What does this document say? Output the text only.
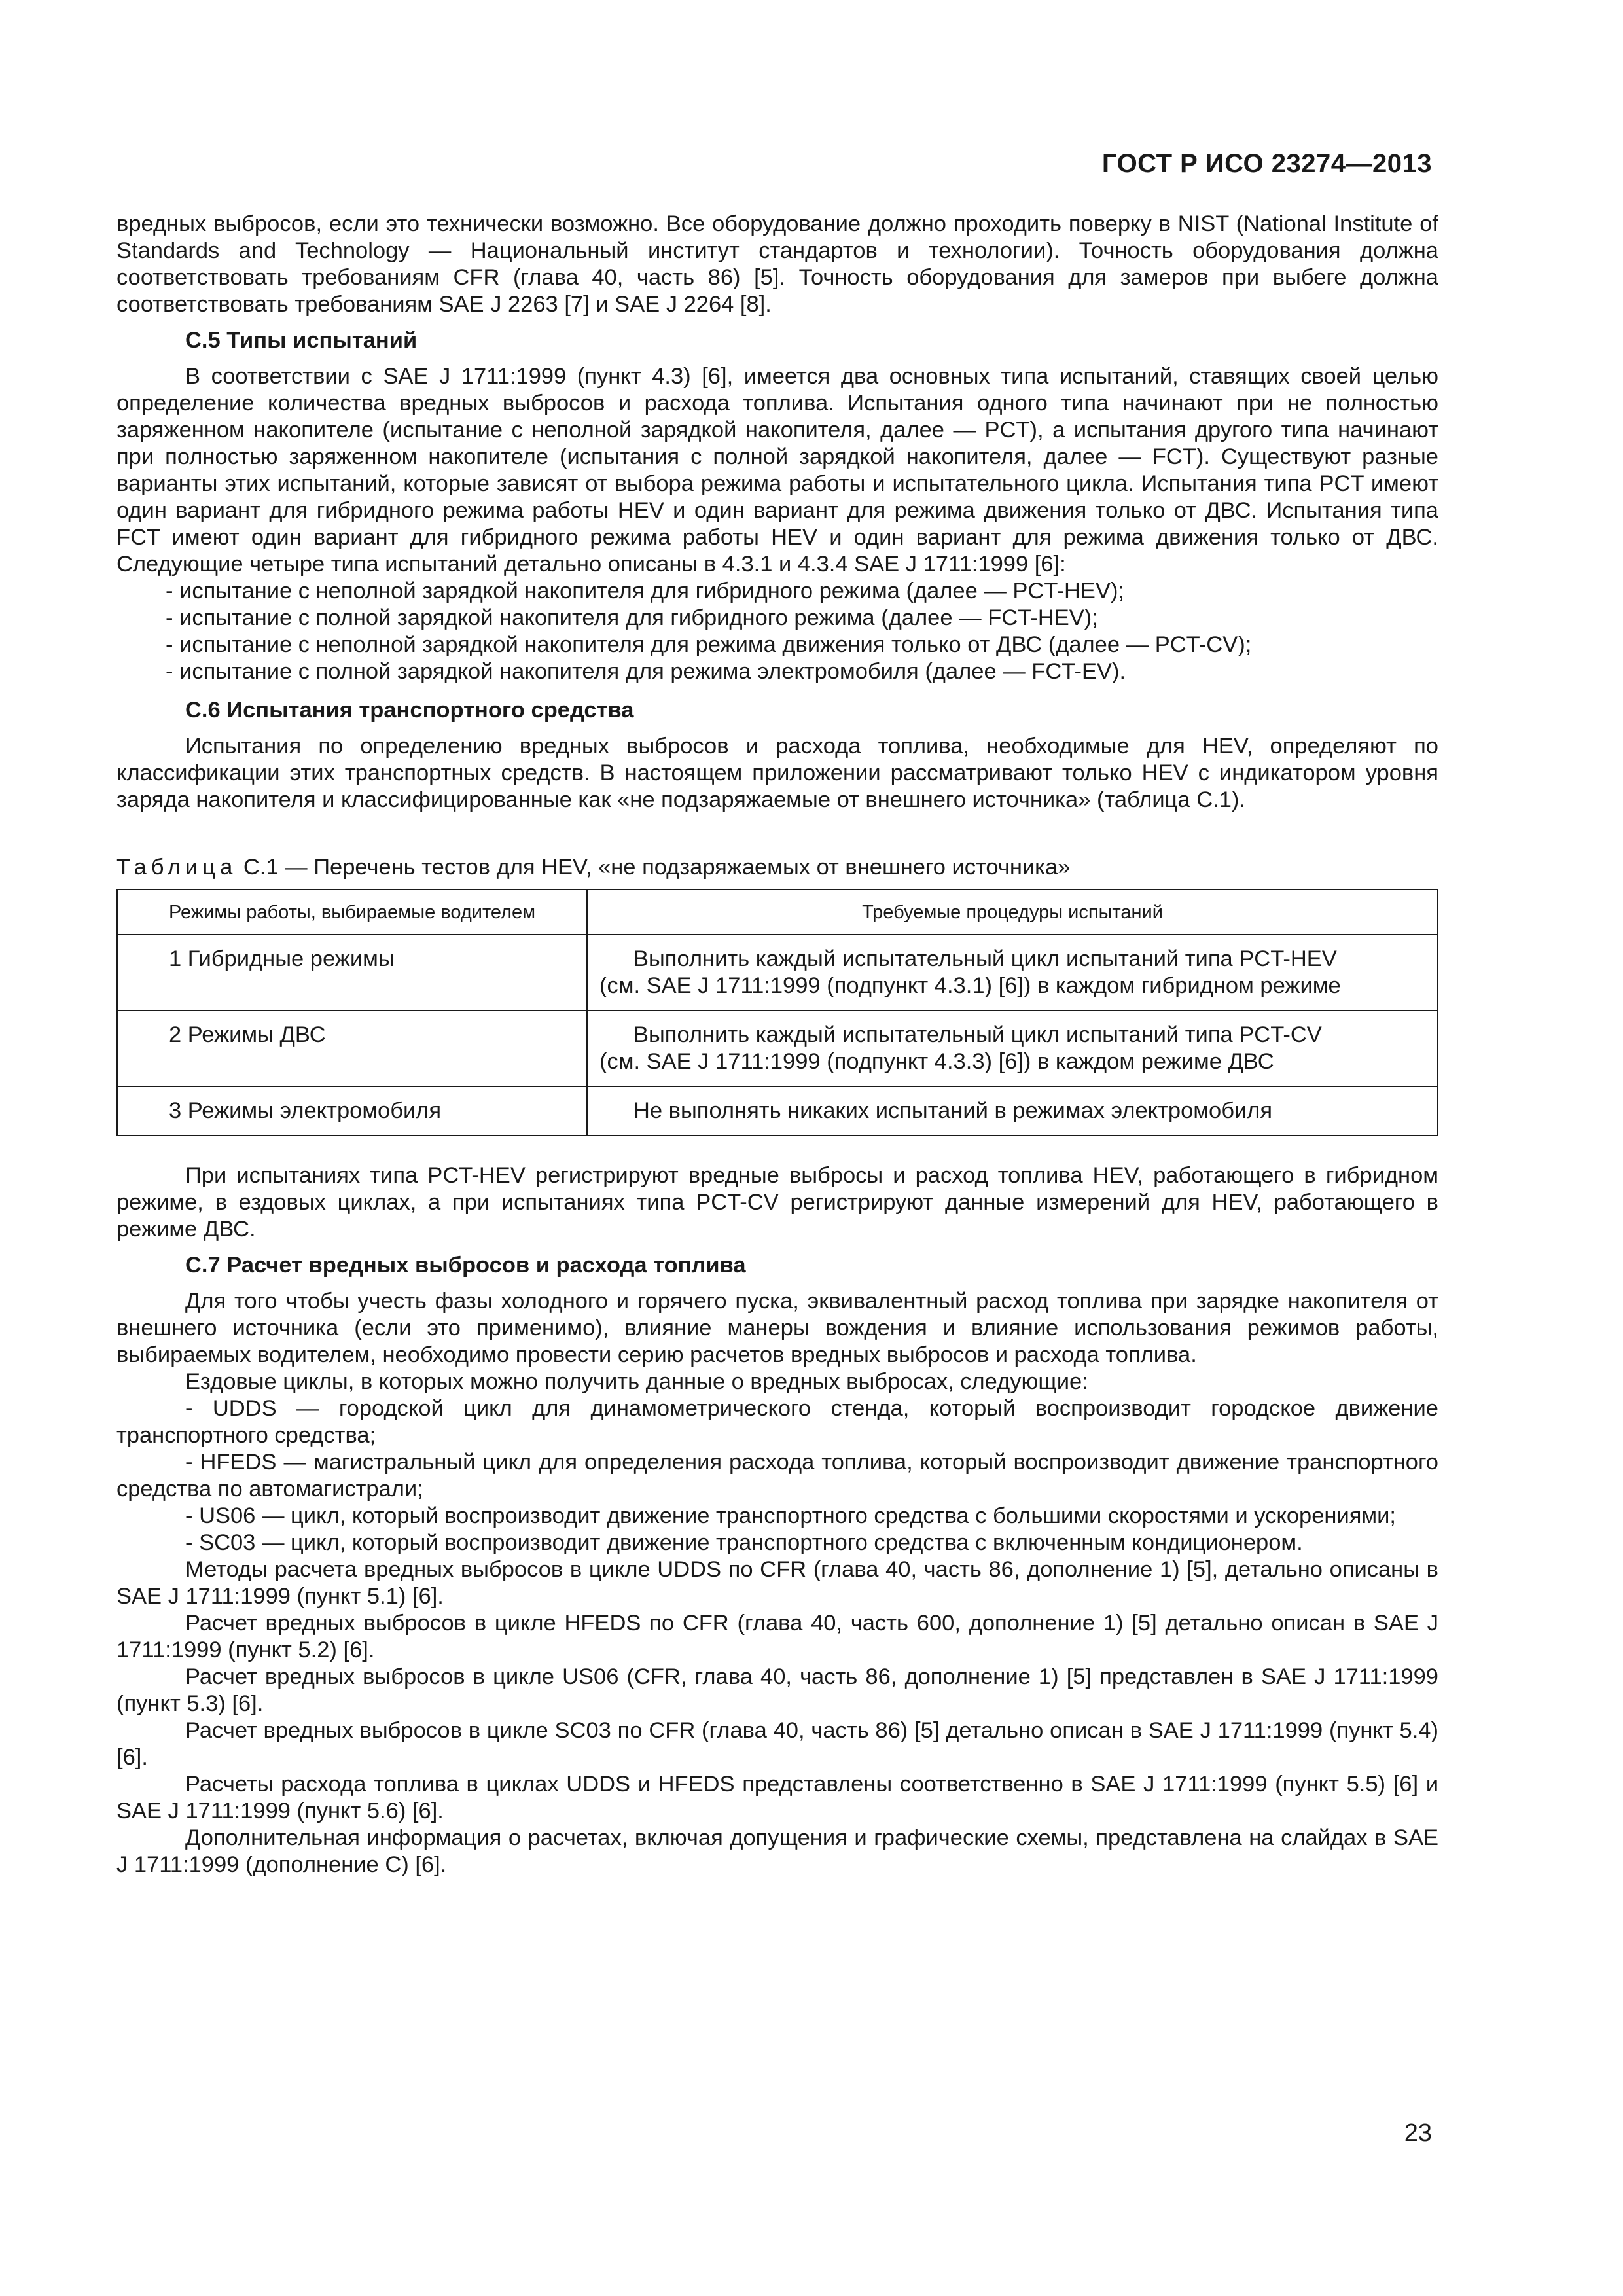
ГОСТ Р ИСО 23274—2013

вредных выбросов, если это технически возможно. Все оборудование должно проходить поверку в NIST (National Institute of Standards and Technology — Национальный институт стандартов и технологии). Точность оборудования должна соответствовать требованиям CFR (глава 40, часть 86) [5]. Точность оборудования для замеров при выбеге должна соответствовать требованиям SAE J 2263 [7] и SAE J 2264 [8].

С.5 Типы испытаний

В соответствии с SAE J 1711:1999 (пункт 4.3) [6], имеется два основных типа испытаний, ставящих своей целью определение количества вредных выбросов и расхода топлива. Испытания одного типа начинают при не полностью заряженном накопителе (испытание с неполной зарядкой накопителя, далее — PCT), а испытания другого типа начинают при полностью заряженном накопителе (испытания с полной зарядкой накопителя, далее — FCT). Существуют разные варианты этих испытаний, которые зависят от выбора режима работы и испытательного цикла. Испытания типа PCT имеют один вариант для гибридного режима работы HEV и один вариант для режима движения только от ДВС. Испытания типа FCT имеют один вариант для гибридного режима работы HEV и один вариант для режима движения только от ДВС. Следующие четыре типа испытаний детально описаны в 4.3.1 и 4.3.4 SAE J 1711:1999 [6]:

- испытание с неполной зарядкой накопителя для гибридного режима (далее — PCT-HEV);
- испытание с полной зарядкой накопителя для гибридного режима (далее — FCT-HEV);
- испытание с неполной зарядкой накопителя для режима движения только от ДВС (далее — PCT-CV);
- испытание с полной зарядкой накопителя для режима электромобиля (далее — FCT-EV).

С.6 Испытания транспортного средства

Испытания по определению вредных выбросов и расхода топлива, необходимые для HEV, определяют по классификации этих транспортных средств. В настоящем приложении рассматривают только HEV с индикатором уровня заряда накопителя и классифицированные как «не подзаряжаемые от внешнего источника» (таблица С.1).

Таблица С.1 — Перечень тестов для HEV, «не подзаряжаемых от внешнего источника»

Режимы работы, выбираемые водителем	Требуемые процедуры испытаний
1 Гибридные режимы	Выполнить каждый испытательный цикл испытаний типа PCT-HEV
(см. SAE J 1711:1999 (подпункт 4.3.1) [6]) в каждом гибридном режиме

2 Режимы ДВС	Выполнить каждый испытательный цикл испытаний типа PCT-CV
(см. SAE J 1711:1999 (подпункт 4.3.3) [6]) в каждом режиме ДВС

3 Режимы электромобиля	Не выполнять никаких испытаний в режимах электромобиля

При испытаниях типа PCT-HEV регистрируют вредные выбросы и расход топлива HEV, работающего в гибридном режиме, в ездовых циклах, а при испытаниях типа PCT-CV регистрируют данные измерений для HEV, работающего в режиме ДВС.

С.7 Расчет вредных выбросов и расхода топлива

Для того чтобы учесть фазы холодного и горячего пуска, эквивалентный расход топлива при зарядке накопителя от внешнего источника (если это применимо), влияние манеры вождения и влияние использования режимов работы, выбираемых водителем, необходимо провести серию расчетов вредных выбросов и расхода топлива.

Ездовые циклы, в которых можно получить данные о вредных выбросах, следующие:

- UDDS — городской цикл для динамометрического стенда, который воспроизводит городское движение транспортного средства;

- HFEDS — магистральный цикл для определения расхода топлива, который воспроизводит движение транспортного средства по автомагистрали;

- US06 — цикл, который воспроизводит движение транспортного средства с большими скоростями и ускорениями;

- SC03 — цикл, который воспроизводит движение транспортного средства с включенным кондиционером.

Методы расчета вредных выбросов в цикле UDDS по CFR (глава 40, часть 86, дополнение 1) [5], детально описаны в SAE J 1711:1999 (пункт 5.1) [6].

Расчет вредных выбросов в цикле HFEDS по CFR (глава 40, часть 600, дополнение 1) [5] детально описан в SAE J 1711:1999 (пункт 5.2) [6].

Расчет вредных выбросов в цикле US06 (CFR, глава 40, часть 86, дополнение 1) [5] представлен в SAE J 1711:1999 (пункт 5.3) [6].

Расчет вредных выбросов в цикле SC03 по CFR (глава 40, часть 86) [5] детально описан в SAE J 1711:1999 (пункт 5.4) [6].

Расчеты расхода топлива в циклах UDDS и HFEDS представлены соответственно в SAE J 1711:1999 (пункт 5.5) [6] и SAE J 1711:1999 (пункт 5.6) [6].

Дополнительная информация о расчетах, включая допущения и графические схемы, представлена на слайдах в SAE J 1711:1999 (дополнение С) [6].

23
